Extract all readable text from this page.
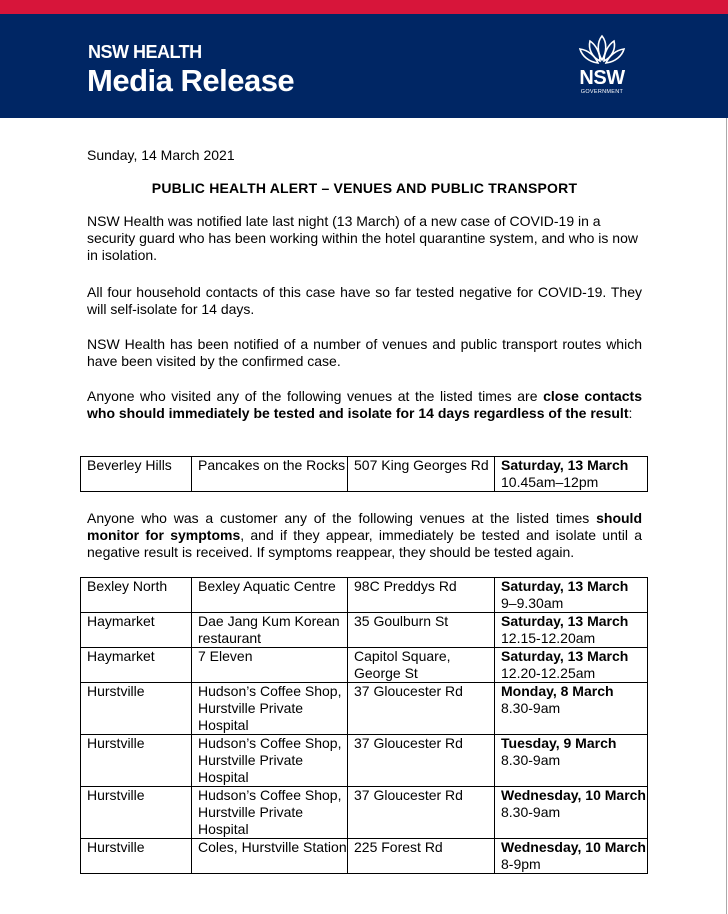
NSW HEALTH
Media Release	NSW
GOVERNMENT

Sunday, 14 March 2021

PUBLIC HEALTH ALERT – VENUES AND PUBLIC TRANSPORT

NSW Health was notified late last night (13 March) of a new case of COVID-19 in a security guard who has been working within the hotel quarantine system, and who is now in isolation.

All four household contacts of this case have so far tested negative for COVID-19. They will self-isolate for 14 days.

NSW Health has been notified of a number of venues and public transport routes which have been visited by the confirmed case.

Anyone who visited any of the following venues at the listed times are close contacts who should immediately be tested and isolate for 14 days regardless of the result:

Beverley Hills	Pancakes on the Rocks	507 King Georges Rd	Saturday, 13 March
10.45am–12pm

Anyone who was a customer any of the following venues at the listed times should monitor for symptoms, and if they appear, immediately be tested and isolate until a negative result is received. If symptoms reappear, they should be tested again.

Bexley North	Bexley Aquatic Centre	98C Preddys Rd	Saturday, 13 March
9–9.30am

Haymarket	Dae Jang Kum Korean restaurant	35 Goulburn St	Saturday, 13 March
12.15-12.20am

Haymarket	7 Eleven	Capitol Square, George St	Saturday, 13 March
12.20-12.25am

Hurstville	Hudson’s Coffee Shop, Hurstville Private Hospital	37 Gloucester Rd	Monday, 8 March
8.30-9am

Hurstville	Hudson’s Coffee Shop, Hurstville Private Hospital	37 Gloucester Rd	Tuesday, 9 March
8.30-9am

Hurstville	Hudson’s Coffee Shop, Hurstville Private Hospital	37 Gloucester Rd	Wednesday, 10 March
8.30-9am

Hurstville	Coles, Hurstville Station	225 Forest Rd	Wednesday, 10 March
8-9pm
